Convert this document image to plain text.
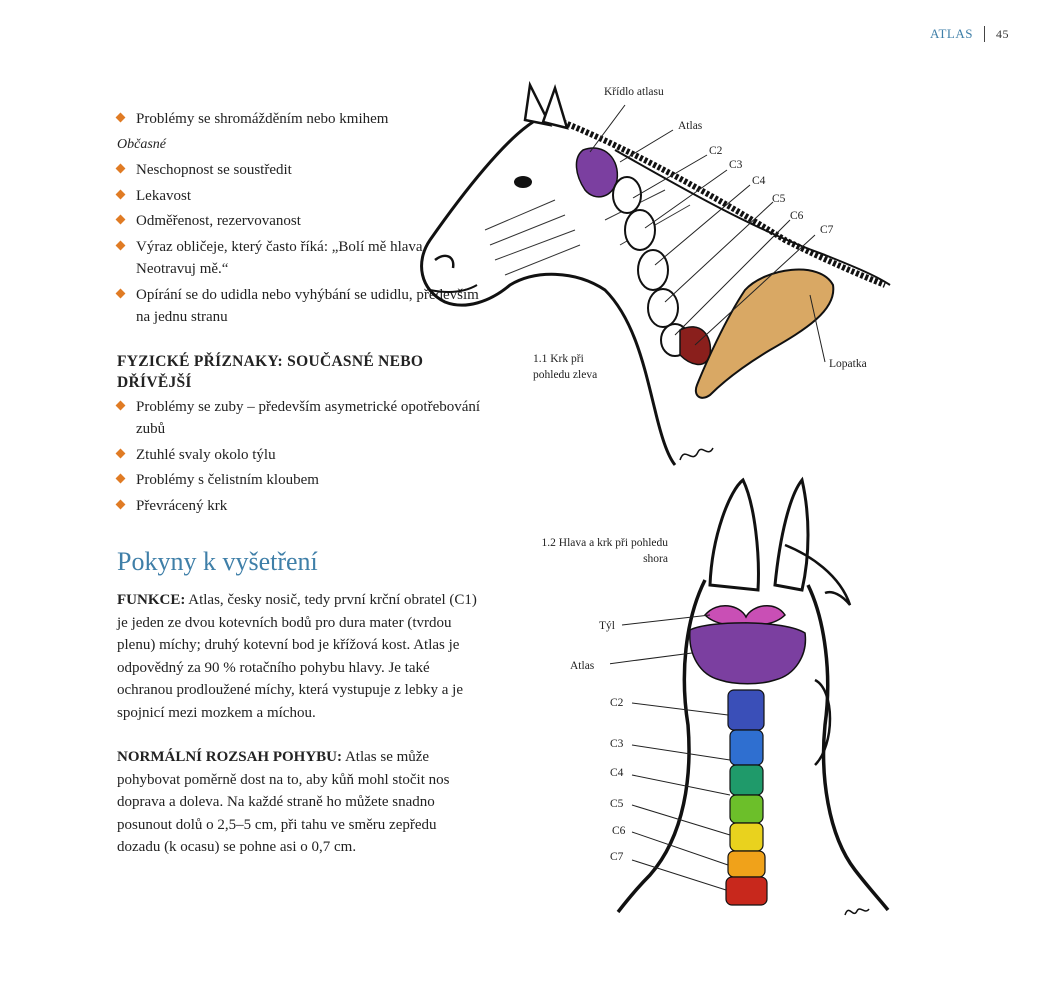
ATLAS 45
Problémy se shromážděním nebo kmihem
Občasné
Neschopnost se soustředit
Lekavost
Odměřenost, rezervovanost
Výraz obličeje, který často říká: „Bolí mě hlava. Neotravuj mě.“
Opírání se do udidla nebo vyhýbání se udidlu, především na jednu stranu
FYZICKÉ PŘÍZNAKY: SOUČASNÉ NEBO DŘÍVĚJŠÍ
Problémy se zuby – především asymetrické opotřebování zubů
Ztuhlé svaly okolo týlu
Problémy s čelistním kloubem
Převrácený krk
Pokyny k vyšetření

FUNKCE: Atlas, česky nosič, tedy první krční obratel (C1) je jeden ze dvou kotevních bodů pro dura mater (tvrdou plenu) míchy; druhý kotevní bod je křížová kost. Atlas je odpovědný za 90 % rotačního pohybu hlavy. Je také ochranou prodloužené míchy, která vystupuje z lebky a je spojnicí mezi mozkem a míchou.

NORMÁLNÍ ROZSAH POHYBU: Atlas se může pohybovat poměrně dost na to, aby kůň mohl stočit nos doprava a doleva. Na každé straně ho můžete snadno posunout dolů o 2,5–5 cm, při tahu ve směru zepředu dozadu (k ocasu) se pohne asi o 0,7 cm.

Křídlo atlasu
Atlas
C2
C3
C4
C5
C6
C7
Lopatka
1.1 Krk při pohledu zleva
1.2 Hlava a krk při pohledu shora
Týl
Atlas
C2
C3
C4
C5
C6
C7
